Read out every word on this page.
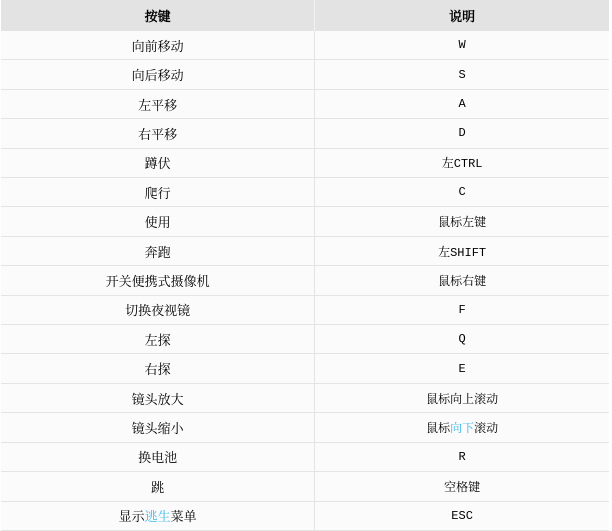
按键	说明
向前移动	W
向后移动	S
左平移	A
右平移	D
蹲伏	左CTRL
爬行	C
使用	鼠标左键
奔跑	左SHIFT
开关便携式摄像机	鼠标右键
切换夜视镜	F
左探	Q
右探	E
镜头放大	鼠标向上滚动
镜头缩小	鼠标向下滚动
换电池	R
跳	空格键
显示逃生菜单	ESC
